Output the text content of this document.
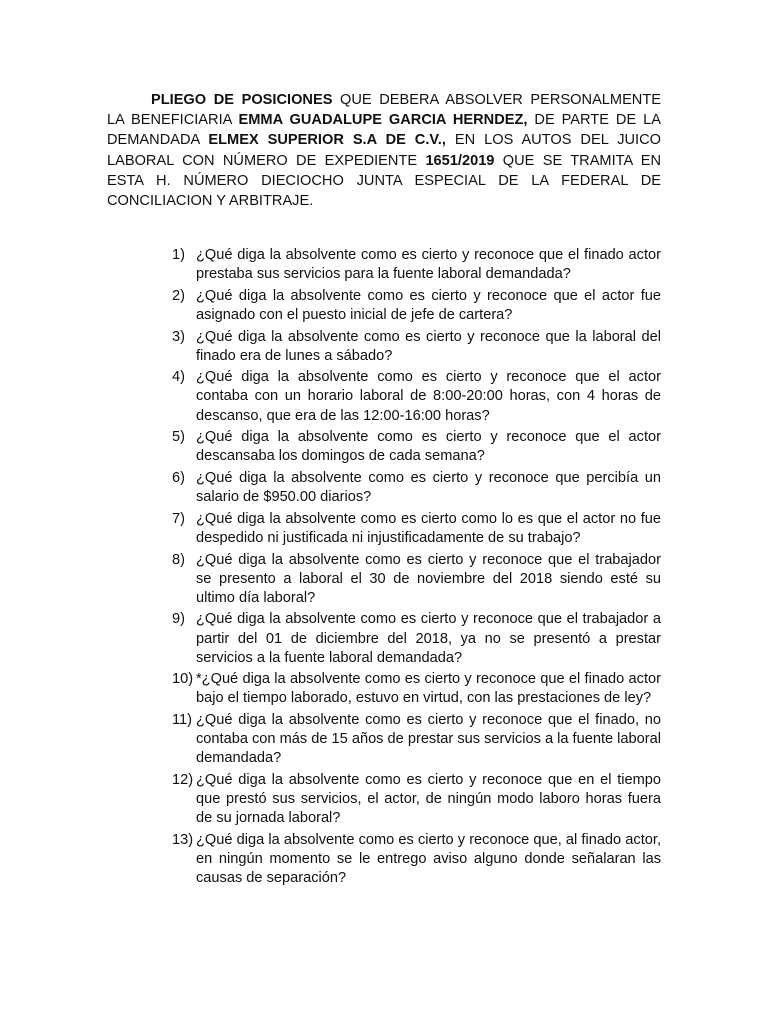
PLIEGO DE POSICIONES QUE DEBERA ABSOLVER PERSONALMENTE LA BENEFICIARIA EMMA GUADALUPE GARCIA HERNDEZ, DE PARTE DE LA DEMANDADA ELMEX SUPERIOR S.A DE C.V., EN LOS AUTOS DEL JUICO LABORAL CON NÚMERO DE EXPEDIENTE 1651/2019 QUE SE TRAMITA EN ESTA H. NÚMERO DIECIOCHO JUNTA ESPECIAL DE LA FEDERAL DE CONCILIACION Y ARBITRAJE.

1) ¿Qué diga la absolvente como es cierto y reconoce que el finado actor prestaba sus servicios para la fuente laboral demandada?
2) ¿Qué diga la absolvente como es cierto y reconoce que el actor fue asignado con el puesto inicial de jefe de cartera?
3) ¿Qué diga la absolvente como es cierto y reconoce que la laboral del finado era de lunes a sábado?
4) ¿Qué diga la absolvente como es cierto y reconoce que el actor contaba con un horario laboral de 8:00-20:00 horas, con 4 horas de descanso, que era de las 12:00-16:00 horas?
5) ¿Qué diga la absolvente como es cierto y reconoce que el actor descansaba los domingos de cada semana?
6) ¿Qué diga la absolvente como es cierto y reconoce que percibía un salario de $950.00 diarios?
7) ¿Qué diga la absolvente como es cierto como lo es que el actor no fue despedido ni justificada ni injustificadamente de su trabajo?
8) ¿Qué diga la absolvente como es cierto y reconoce que el trabajador se presento a laboral el 30 de noviembre del 2018 siendo esté su ultimo día laboral?
9) ¿Qué diga la absolvente como es cierto y reconoce que el trabajador a partir del 01 de diciembre del 2018, ya no se presentó a prestar servicios a la fuente laboral demandada?
10) *¿Qué diga la absolvente como es cierto y reconoce que el finado actor bajo el tiempo laborado, estuvo en virtud, con las prestaciones de ley?
11) ¿Qué diga la absolvente como es cierto y reconoce que el finado, no contaba con más de 15 años de prestar sus servicios a la fuente laboral demandada?
12) ¿Qué diga la absolvente como es cierto y reconoce que en el tiempo que prestó sus servicios, el actor, de ningún modo laboro horas fuera de su jornada laboral?
13) ¿Qué diga la absolvente como es cierto y reconoce que, al finado actor, en ningún momento se le entrego aviso alguno donde señalaran las causas de separación?
